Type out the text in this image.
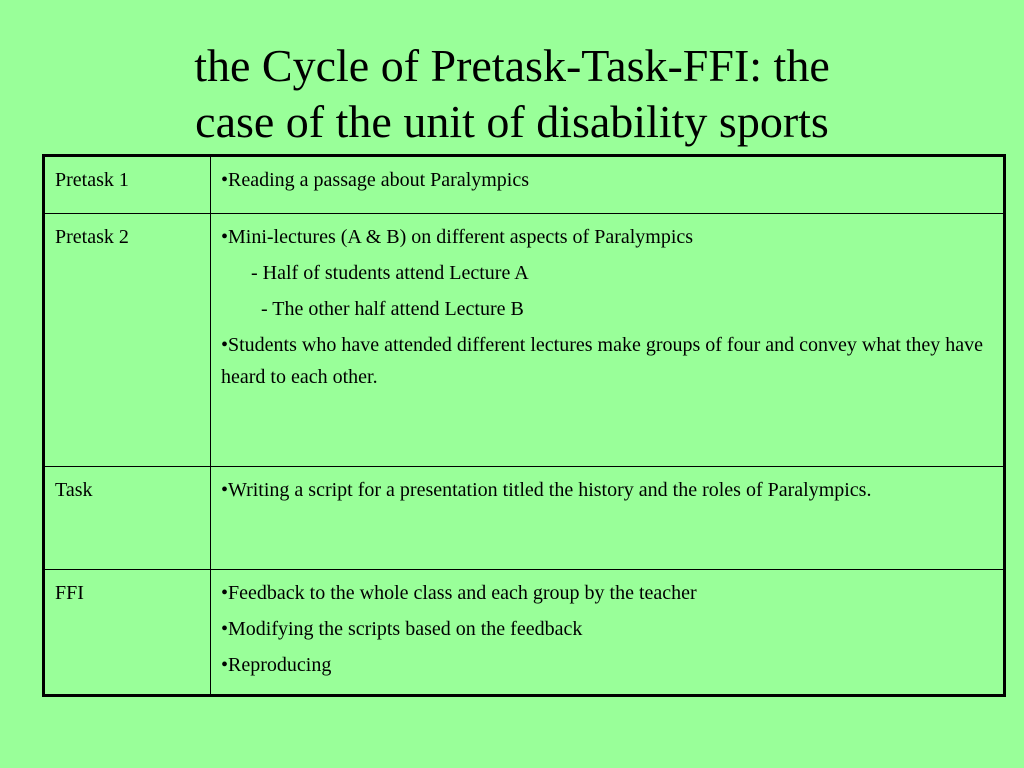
the Cycle of Pretask-Task-FFI: the
case of the unit of disability sports
Pretask 1	•Reading a passage about Paralympics

Pretask 2	•Mini-lectures (A & B) on different aspects of Paralympics
- Half of students attend Lecture A
- The other half attend Lecture B
•Students who have attended different lectures make groups of four and convey what they have heard to each other.

Task	•Writing a script for a presentation titled the history and the roles of Paralympics.

FFI	•Feedback to the whole class and each group by the teacher
•Modifying the scripts based on the feedback
•Reproducing
